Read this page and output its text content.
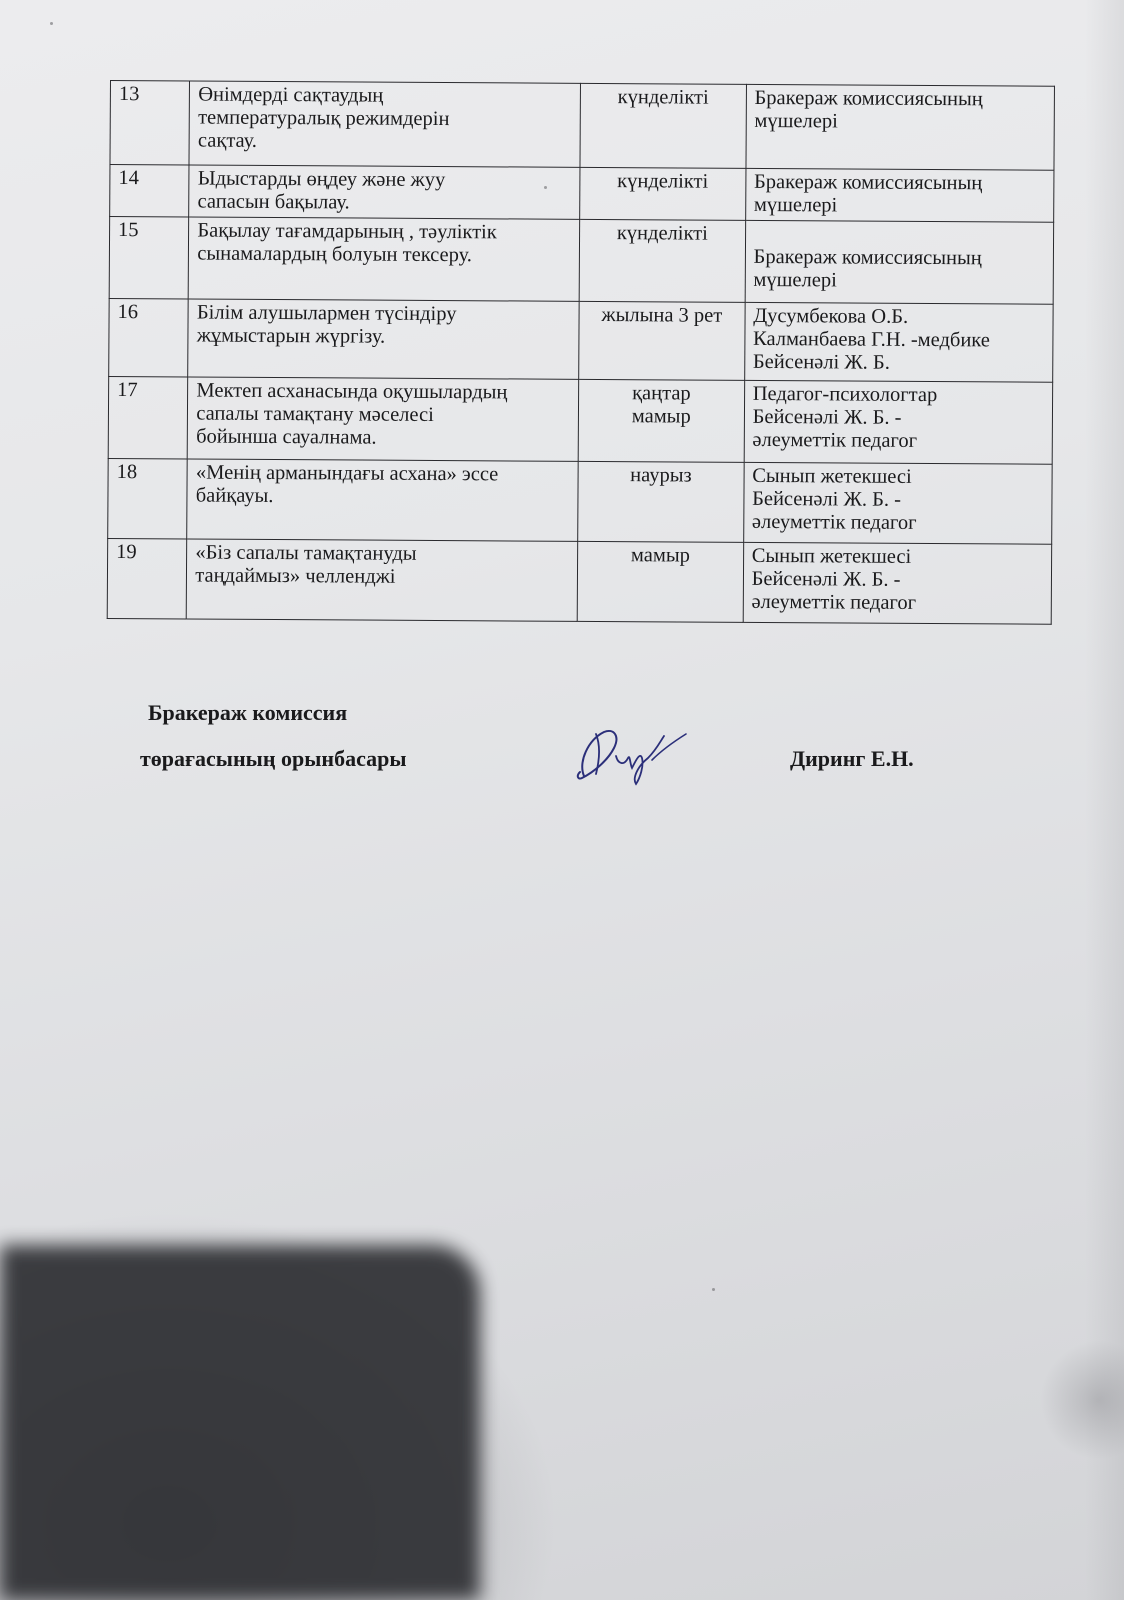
13	Өнімдерді сақтаудың
температуралық режимдерін
сақтау.	күнделікті	Бракераж комиссиясының
мүшелері

14	Ыдыстарды өңдеу және жуу
сапасын бақылау.	күнделікті	Бракераж комиссиясының
мүшелері

15	Бақылау тағамдарының , тәуліктік
сынамалардың болуын тексеру.	күнделікті	Бракераж комиссиясының
мүшелері

16	Білім алушылармен түсіндіру
жұмыстарын жүргізу.	жылына 3 рет	Дусумбекова О.Б.
Калманбаева Г.Н. -медбике
Бейсенәлі Ж. Б.

17	Мектеп асханасында оқушылардың
сапалы тамақтану мәселесі
бойынша сауалнама.	қаңтар
мамыр	Педагог-психологтар
Бейсенәлі Ж. Б. -
әлеуметтік педагог

18	«Менің арманындағы асхана» эссе
байқауы.	наурыз	Сынып жетекшесі
Бейсенәлі Ж. Б. -
әлеуметтік педагог

19	«Біз сапалы тамақтануды
таңдаймыз» челленджі	мамыр	Сынып жетекшесі
Бейсенәлі Ж. Б. -
әлеуметтік педагог
Бракераж комиссия
төрағасының орынбасары	Диринг Е.Н.
